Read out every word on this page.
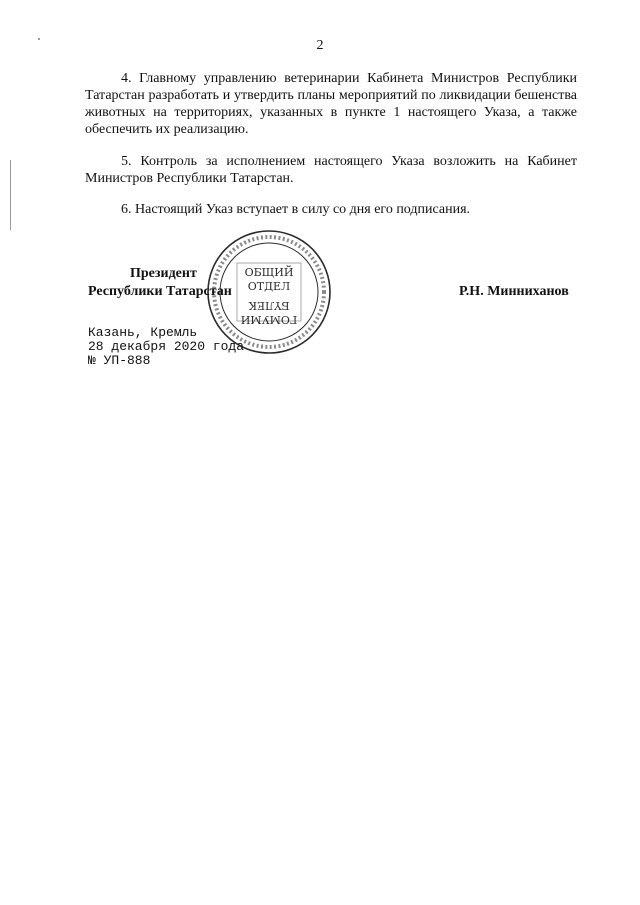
2

4. Главному управлению ветеринарии Кабинета Министров Республики Татарстан разработать и утвердить планы мероприятий по ликвидации бешенства животных на территориях, указанных в пункте 1 настоящего Указа, а также обеспечить их реализацию.

5. Контроль за исполнением настоящего Указа возложить на Кабинет Министров Республики Татарстан.

6. Настоящий Указ вступает в силу со дня его подписания.

ОБЩИЙ
ОТДЕЛ
ГОМУМИ
БҮЛЕК

Президент

Республики Татарстан	Р.Н. Минниханов

Казань, Кремль
28 декабря 2020 года
№ УП-888
